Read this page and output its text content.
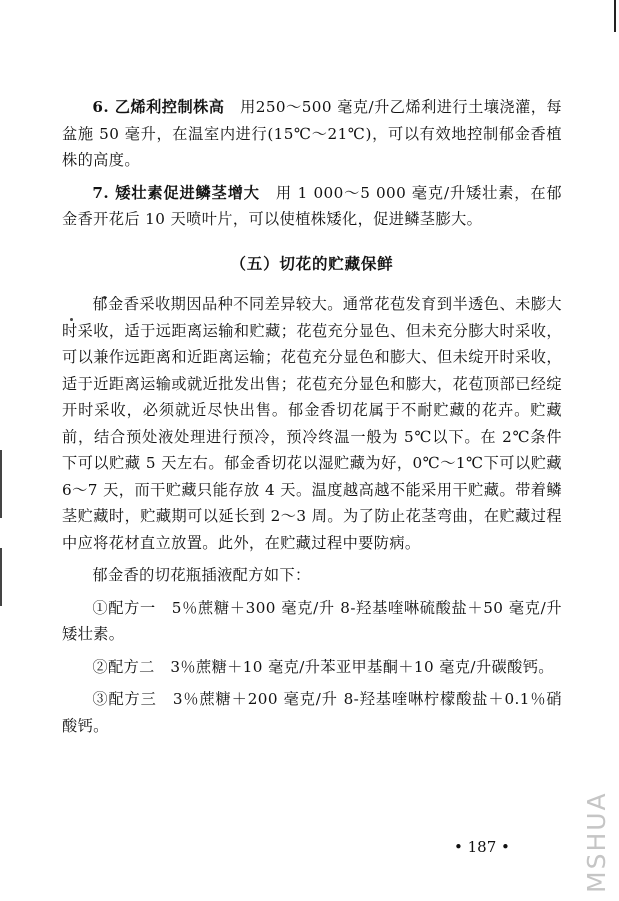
6. 乙烯利控制株高　 用250～500 毫克/升乙烯利进行土壤浇灌，每盆施 50 毫升，在温室内进行(15℃～21℃)，可以有效地控制郁金香植株的高度。

7. 矮壮素促进鳞茎增大　 用 1 000～5 000 毫克/升矮壮素，在郁金香开花后 10 天喷叶片，可以使植株矮化，促进鳞茎膨大。

（五）切花的贮藏保鲜

郁金香采收期因品种不同差异较大。通常花苞发育到半透色、未膨大时采收，适于远距离运输和贮藏；花苞充分显色、但未充分膨大时采收，可以兼作远距离和近距离运输；花苞充分显色和膨大、但未绽开时采收，适于近距离运输或就近批发出售；花苞充分显色和膨大，花苞顶部已经绽开时采收，必须就近尽快出售。郁金香切花属于不耐贮藏的花卉。贮藏前，结合预处液处理进行预冷，预冷终温一般为 5℃以下。在 2℃条件下可以贮藏 5 天左右。郁金香切花以湿贮藏为好，0℃～1℃下可以贮藏 6～7 天，而干贮藏只能存放 4 天。温度越高越不能采用干贮藏。带着鳞茎贮藏时，贮藏期可以延长到 2～3 周。为了防止花茎弯曲，在贮藏过程中应将花材直立放置。此外，在贮藏过程中要防病。

郁金香的切花瓶插液配方如下：

①配方一　5％蔗糖＋300 毫克/升 8-羟基喹啉硫酸盐＋50 毫克/升矮壮素。

②配方二　3％蔗糖＋10 毫克/升苯亚甲基酮＋10 毫克/升碳酸钙。

③配方三　3％蔗糖＋200 毫克/升 8-羟基喹啉柠檬酸盐＋0.1％硝酸钙。

• 187 •	MSHUA
